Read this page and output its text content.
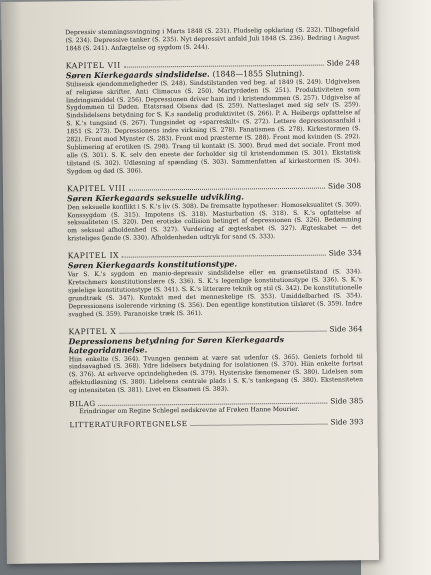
Depressiv stemningssvingning i Marts 1848 (S. 231). Pludselig opklaring (S. 232). Tilbagefald (S. 234). Depressive tanker (S. 235). Nyt depressivt anfald Juli 1848 (S. 236). Bedring i August 1848 (S. 241). Anfægtelse og sygdom (S. 244).

KAPITEL VII	Side 248
Søren Kierkegaards sindslidelse. (1848—1855 Slutning).

Stiliseisk ejendommeligheder (S. 248). Sindstilstanden ved beg. af 1849 (S. 249). Udgivelsen af religiøse skrifter. Anti Climacus (S. 250). Martyrdøden (S. 251). Produktiviteten som lindringsmiddel (S. 256). Depressionen driver ham ind i kristendommen (S. 257). Udgivelse af Sygdommen til Døden. Etatsraad Olsens død (S. 259). Natteslaget med sig selv (S. 259). Sindslidelsens betydning for S. K.s sandelig produktivitet (S. 266). P. A. Heibergs opfattelse af S. K.'s tungsind (S. 267). Tungsindet og »sparreskilt« (S. 272). Lettere depressionsanfald i 1851 (S. 273). Depressionens indre virkning (S. 278). Fanatismen (S. 278). Kirkestormen (S. 282). Front mod Mynster (S. 283). Front mod præsterne (S. 288). Front mod kvinden (S. 292). Sublimering af erotiken (S. 298). Trang til kontakt (S. 300). Brud med det sociale. Front mod alle (S. 301). S. K. selv den eneste der forholder sig til kristendommen (S. 301). Ekstatisk tilstand (S. 302). Udløsning af spænding (S. 303). Sammenfatten af kirkestormen (S. 304). Sygdom og død (S. 306).

KAPITEL VIII	Side 308
Søren Kierkegaards seksuelle udvikling.

Den seksuelle konflikt i S. K.'s liv (S. 308). De fremsatte hypotheser: Homoseksualitet (S. 309). Konssygdom (S. 315). Impotens (S. 318). Masturbation (S. 318). S. K.'s opfattelse af seksualiteten (S. 320). Den erotiske collision betinget af depressionen (S. 326). Bedømming om seksuel afholdenhed (S. 327). Vurdering af ægteskabet (S. 327). Ægteskabet — det kristeliges fjende (S. 330). Afholdenheden udtryk for sand (S. 333).

KAPITEL IX	Side 334
Søren Kierkegaards konstitutionstype.

Var S. K.'s sygdom en manio-depressiv sindslidelse eller en grænsetilstand (S. 334). Kretschmers konstitutionslære (S. 336). S. K.'s legemlige konstitutionstype (S. 336). S. K.'s sjælelige konstitutionstype (S. 341). S. K.'s litterære teknik og stil (S. 342). De konstitutionelle grundtræk (S. 347). Kontakt med det menneskelige (S. 353). Umiddelbarhed (S. 354). Depressionens isolerende virkning (S. 356). Den egentlige konstitution tilsløret (S. 359). Indre svaghed (S. 359). Paranoiske træk (S. 361).

KAPITEL X	Side 364
Depressionens betydning for Søren Kierkegaards kategoridannelse.

Hiin enkelte (S. 364). Tvungen gennem at være sat udenfor (S. 365). Geniets forhold til sindsavaghed (S. 368). Ydre lidelsers betydning for isolationen (S. 370). Hiin enkelte fortsat (S. 376). At erhverve oprindeligheden (S. 379). Hysteriske fænomener (S. 380). Lidelsen som affektudløsning (S. 380). Lidelsens centrale plads i S. K.'s tankegang (S. 380). Ekstensiteten og intensiteten (S. 381). Livet en Eksamen (S. 383).

BILAG	Side 385
Erindringer om Regine Schlegel nedskrevne af Frøken Hanne Mourier.
LITTERATURFORTEGNELSE	Side 393
